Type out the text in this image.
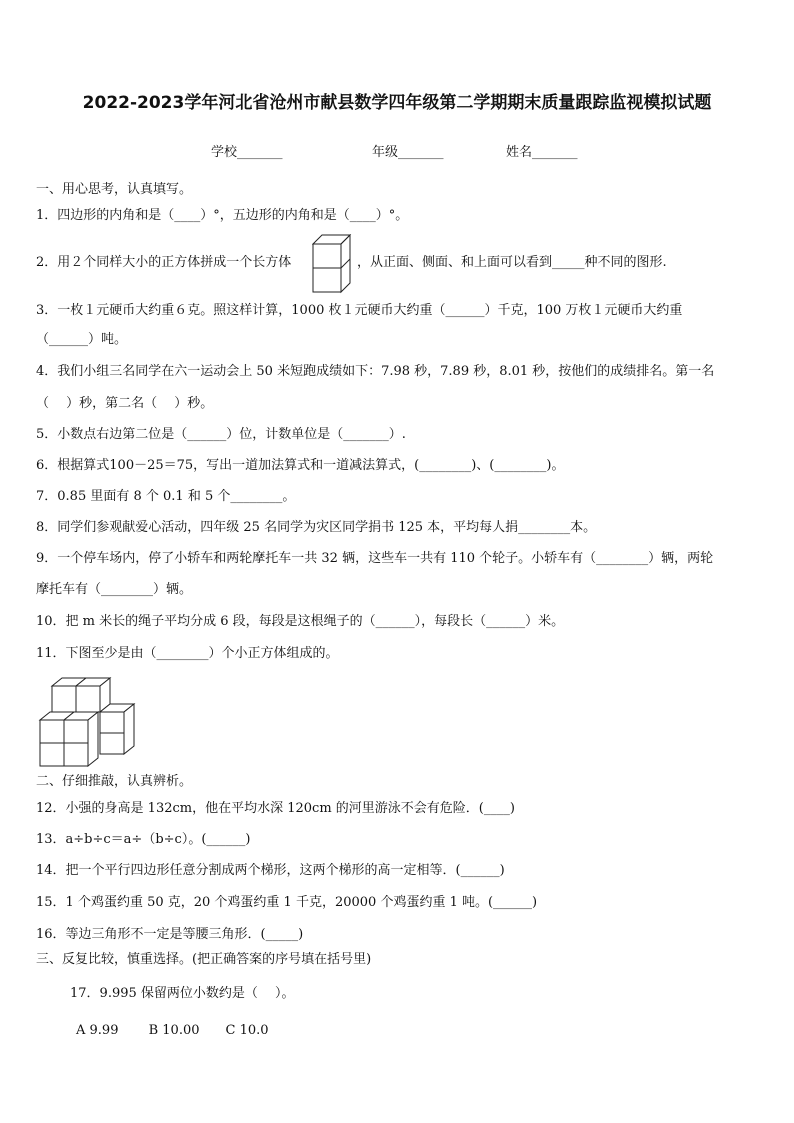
2022-2023学年河北省沧州市献县数学四年级第二学期期末质量跟踪监视模拟试题
学校_______	年级_______	姓名_______
一、用心思考，认真填写。
1．四边形的内角和是（____）°，五边形的内角和是（____）°。
2．用２个同样大小的正方体拼成一个长方体	，从正面、侧面、和上面可以看到_____种不同的图形.
3．一枚１元硬币大约重６克。照这样计算，1000 枚１元硬币大约重（______）千克，100 万枚１元硬币大约重
（______）吨。
4．我们小组三名同学在六一运动会上 50 米短跑成绩如下：7.98 秒，7.89 秒，8.01 秒，按他们的成绩排名。第一名
（　 ）秒，第二名（　 ）秒。
5．小数点右边第二位是（______）位，计数单位是（_______）.
6．根据算式100－25＝75，写出一道加法算式和一道减法算式，(________)、(________)。
7．0.85 里面有 8 个 0.1 和 5 个________。
8．同学们参观献爱心活动，四年级 25 名同学为灾区同学捐书 125 本，平均每人捐________本。
9．一个停车场内，停了小轿车和两轮摩托车一共 32 辆，这些车一共有 110 个轮子。小轿车有（________）辆，两轮
摩托车有（________）辆。
10．把 m 米长的绳子平均分成 6 段，每段是这根绳子的（______），每段长（______）米。
11．下图至少是由（________）个小正方体组成的。
二、仔细推敲，认真辨析。
12．小强的身高是 132cm，他在平均水深 120cm 的河里游泳不会有危险．(____)
13．a÷b÷c＝a÷（b÷c）。(______)
14．把一个平行四边形任意分割成两个梯形，这两个梯形的高一定相等．(______)
15．1 个鸡蛋约重 50 克，20 个鸡蛋约重 1 千克，20000 个鸡蛋约重 1 吨。(______)
16．等边三角形不一定是等腰三角形．(_____)
三、反复比较，慎重选择。(把正确答案的序号填在括号里)
17．9.995 保留两位小数约是（　 ）。
A 9.99　　 B 10.00　　C 10.0
